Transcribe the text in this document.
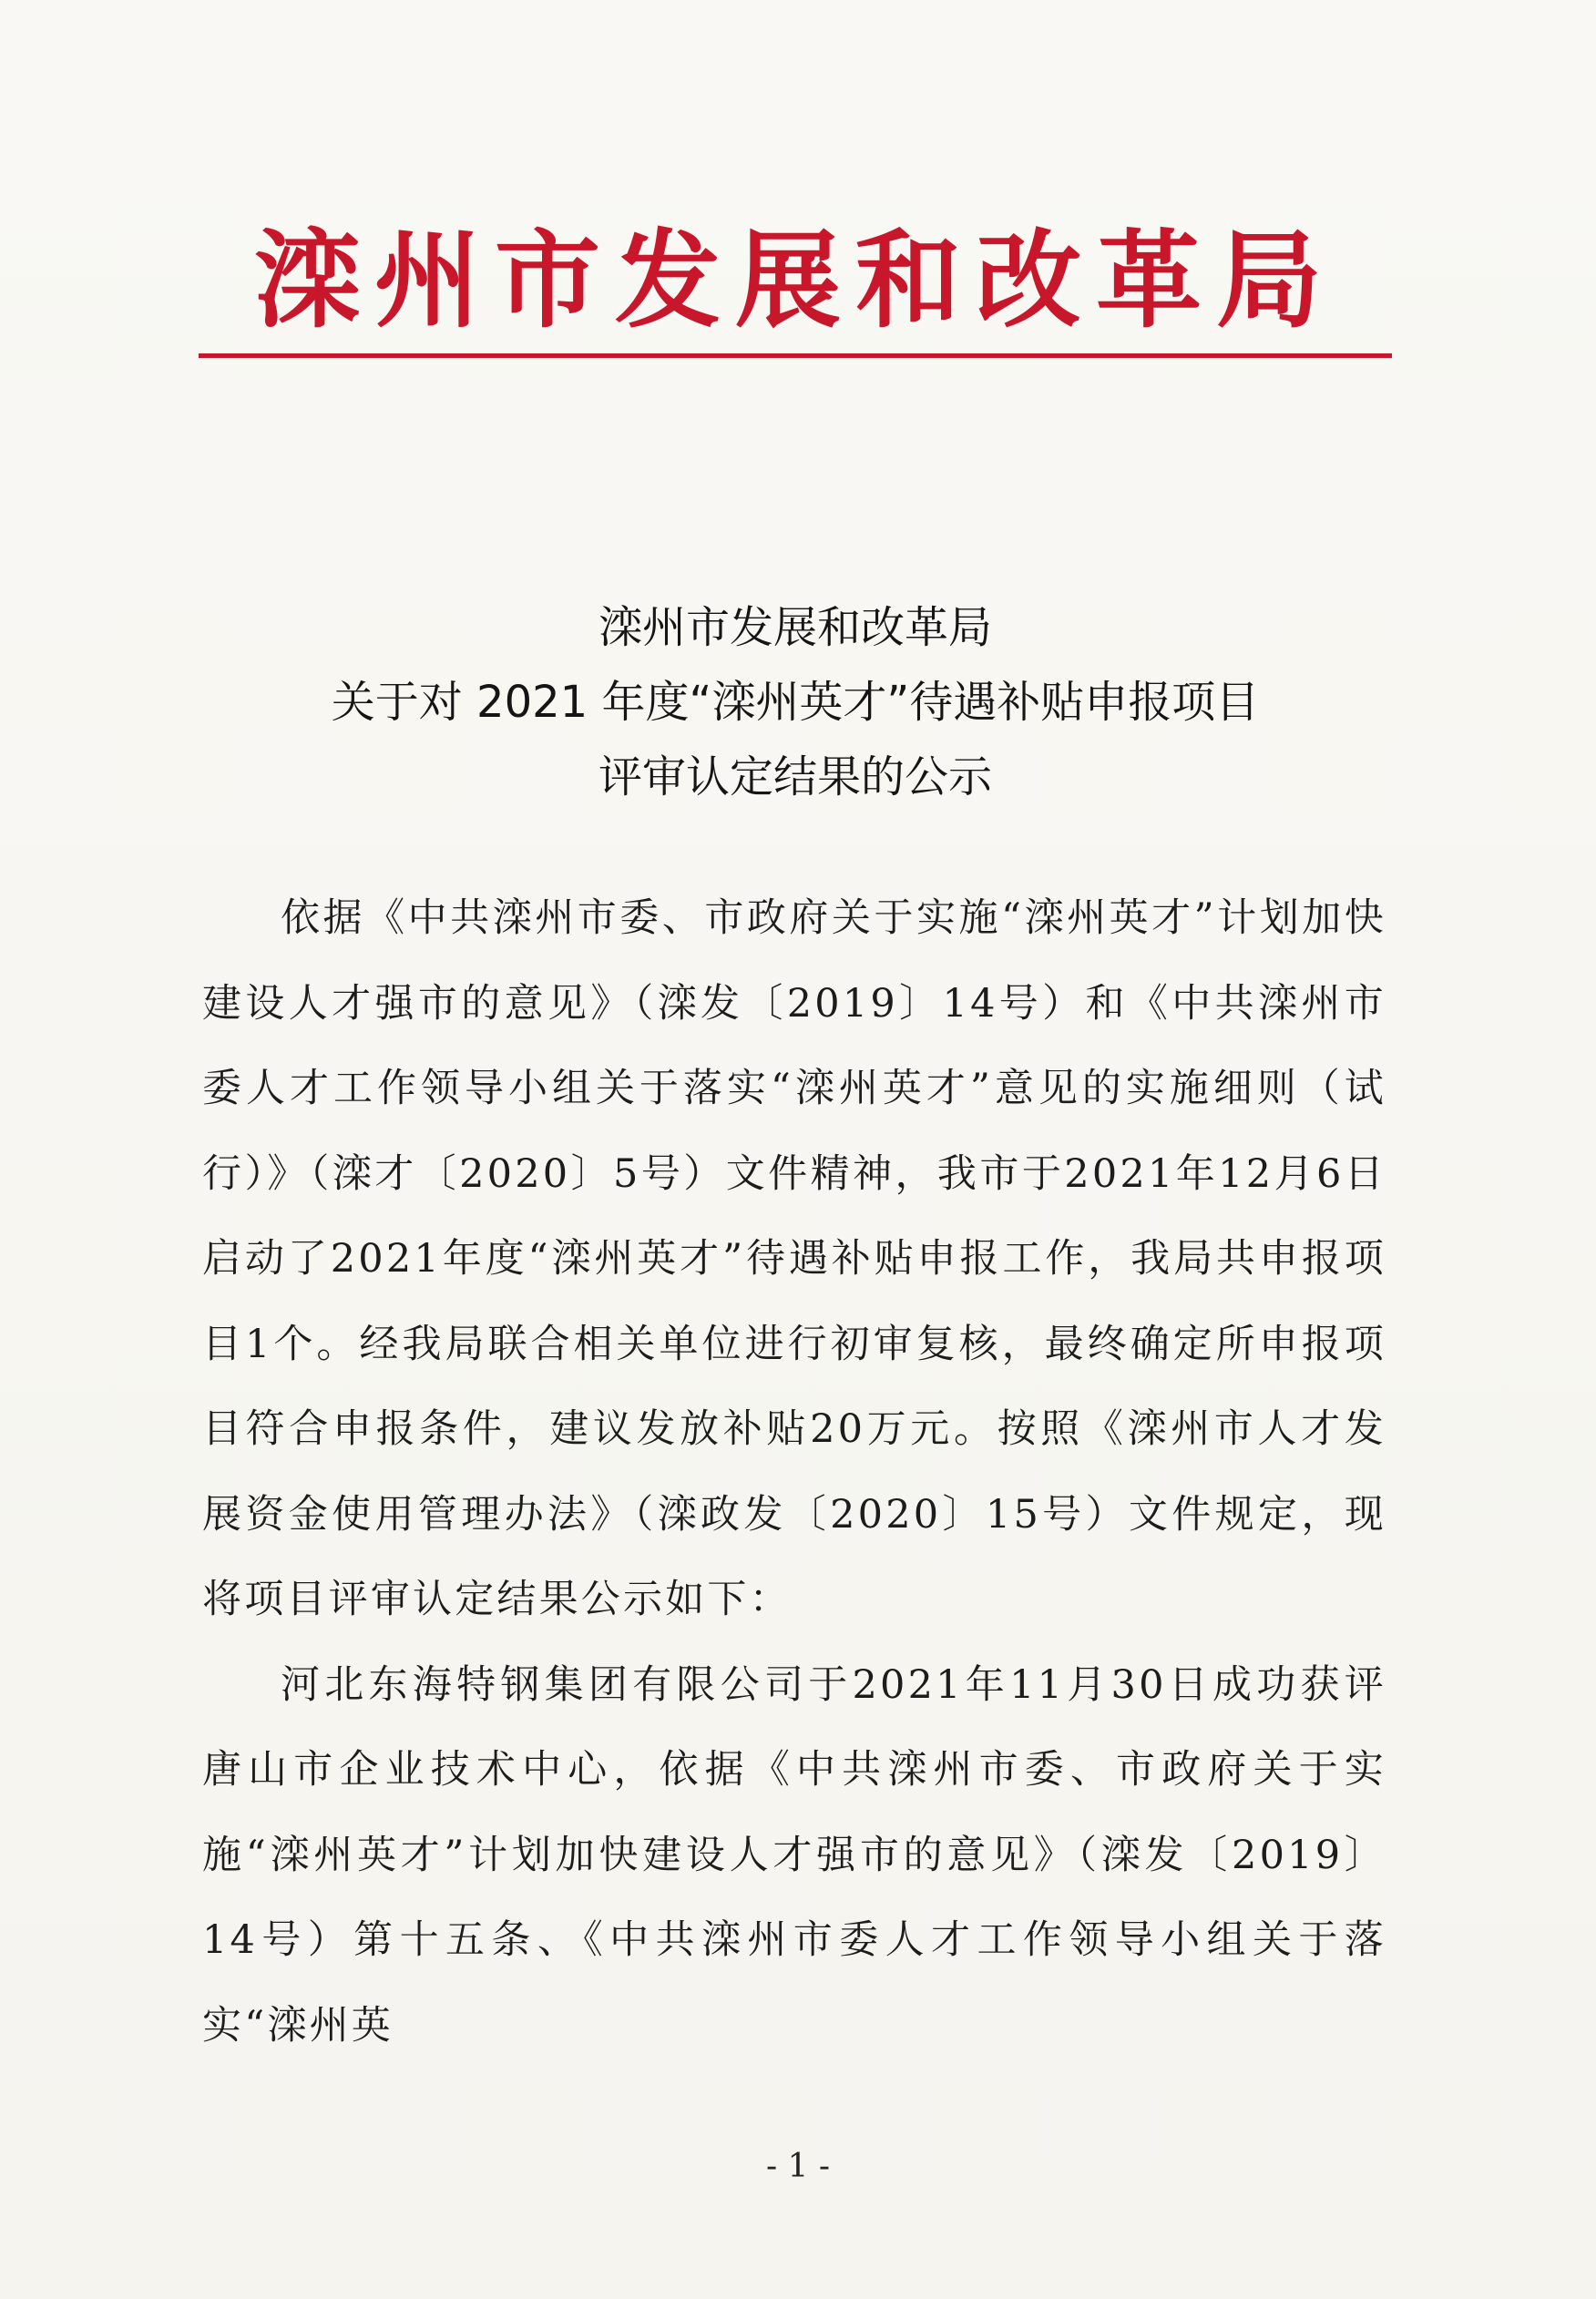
滦州市发展和改革局
滦州市发展和改革局
关于对 2021 年度“滦州英才”待遇补贴申报项目
评审认定结果的公示

依据《中共滦州市委、市政府关于实施“滦州英才”计划加快建设人才强市的意见》（滦发〔2019〕14号）和《中共滦州市委人才工作领导小组关于落实“滦州英才”意见的实施细则（试行）》（滦才〔2020〕5号）文件精神，我市于2021年12月6日启动了2021年度“滦州英才”待遇补贴申报工作，我局共申报项目1个。经我局联合相关单位进行初审复核，最终确定所申报项目符合申报条件，建议发放补贴20万元。按照《滦州市人才发展资金使用管理办法》（滦政发〔2020〕15号）文件规定，现将项目评审认定结果公示如下：

河北东海特钢集团有限公司于2021年11月30日成功获评唐山市企业技术中心，依据《中共滦州市委、市政府关于实施“滦州英才”计划加快建设人才强市的意见》（滦发〔2019〕14号）第十五条、《中共滦州市委人才工作领导小组关于落实“滦州英

- 1 -
